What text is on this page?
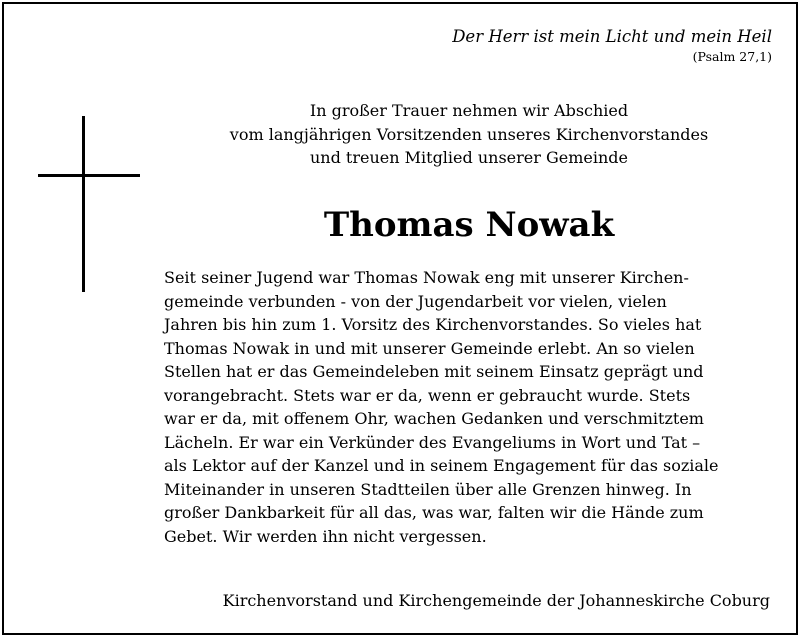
Der Herr ist mein Licht und mein Heil
(Psalm 27,1)
In großer Trauer nehmen wir Abschied
vom langjährigen Vorsitzenden unseres Kirchenvorstandes
und treuen Mitglied unserer Gemeinde
Thomas Nowak
Seit seiner Jugend war Thomas Nowak eng mit unserer Kirchen-
gemeinde verbunden - von der Jugendarbeit vor vielen, vielen
Jahren bis hin zum 1. Vorsitz des Kirchenvorstandes. So vieles hat
Thomas Nowak in und mit unserer Gemeinde erlebt. An so vielen
Stellen hat er das Gemeindeleben mit seinem Einsatz geprägt und
vorangebracht. Stets war er da, wenn er gebraucht wurde. Stets
war er da, mit offenem Ohr, wachen Gedanken und verschmitztem
Lächeln. Er war ein Verkünder des Evangeliums in Wort und Tat –
als Lektor auf der Kanzel und in seinem Engagement für das soziale
Miteinander in unseren Stadtteilen über alle Grenzen hinweg. In
großer Dankbarkeit für all das, was war, falten wir die Hände zum
Gebet. Wir werden ihn nicht vergessen.
Kirchenvorstand und Kirchengemeinde der Johanneskirche Coburg
